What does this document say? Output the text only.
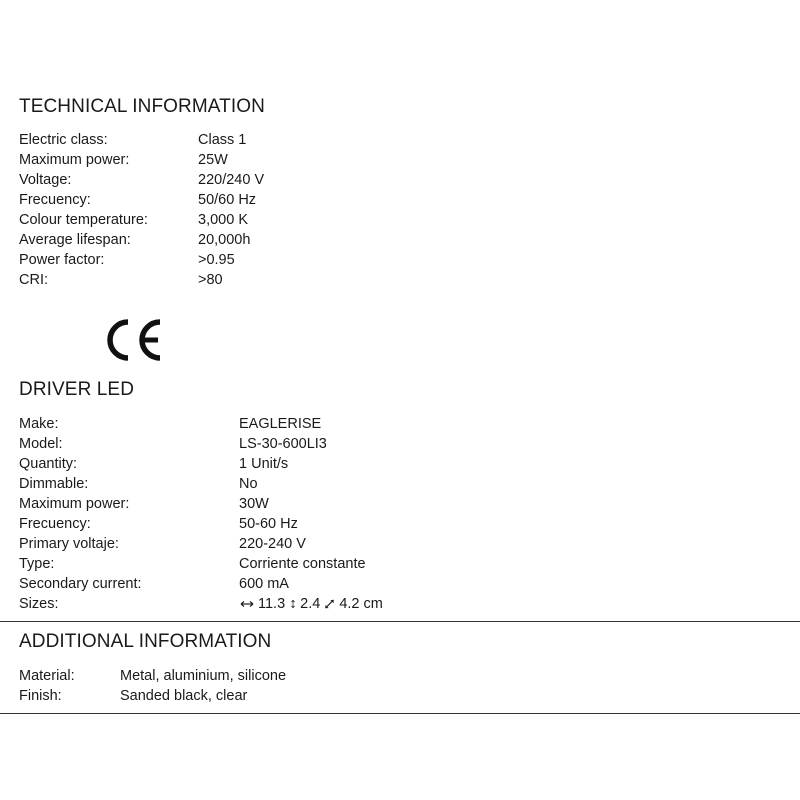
TECHNICAL INFORMATION
Electric class:	Class 1
Maximum power:	25W
Voltage:	220/240 V
Frecuency:	50/60 Hz
Colour temperature:	3,000 K
Average lifespan:	20,000h
Power factor:	>0.95
CRI:	>80
DRIVER LED
Make:	EAGLERISE
Model:	LS-30-600LI3
Quantity:	1 Unit/s
Dimmable:	No
Maximum power:	30W
Frecuency:	50-60 Hz
Primary voltaje:	220-240 V
Type:	Corriente constante
Secondary current:	600 mA
Sizes:	11.3 2.4 4.2 cm
ADDITIONAL INFORMATION
Material:	Metal, aluminium, silicone
Finish:	Sanded black, clear
